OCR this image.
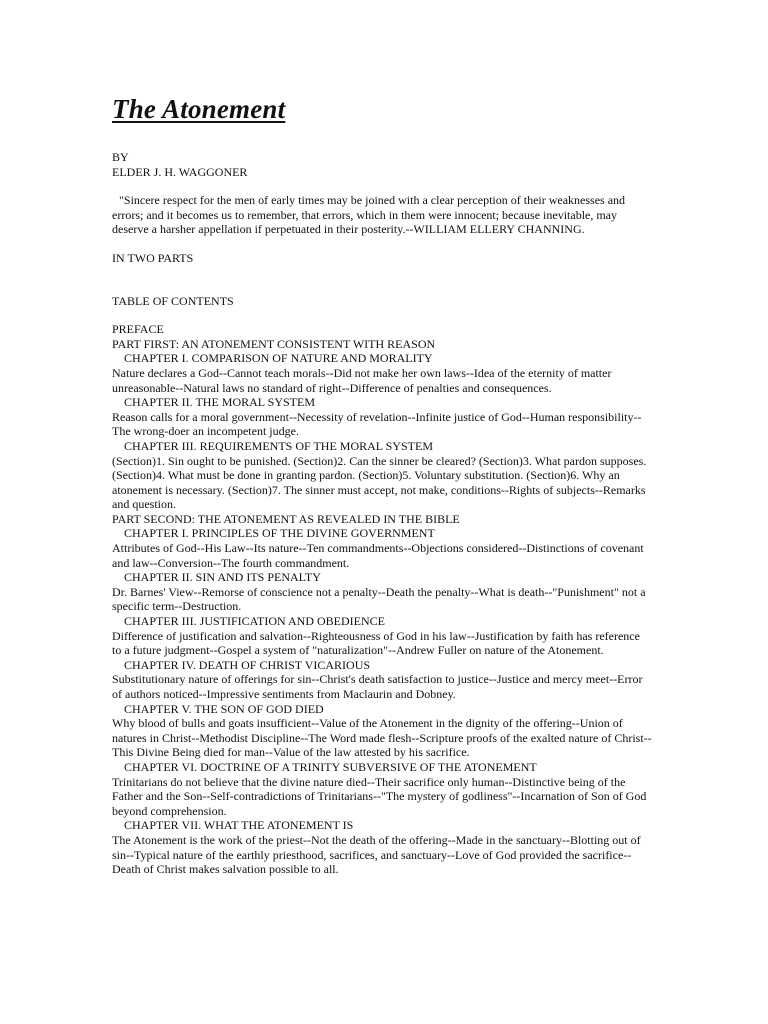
The Atonement
BY
ELDER J. H. WAGGONER

"Sincere respect for the men of early times may be joined with a clear perception of their weaknesses and errors; and it becomes us to remember, that errors, which in them were innocent; because inevitable, may deserve a harsher appellation if perpetuated in their posterity.--WILLIAM ELLERY CHANNING.

IN TWO PARTS
TABLE OF CONTENTS
PREFACE
PART FIRST: AN ATONEMENT CONSISTENT WITH REASON
CHAPTER I. COMPARISON OF NATURE AND MORALITY

Nature declares a God--Cannot teach morals--Did not make her own laws--Idea of the eternity of matter unreasonable--Natural laws no standard of right--Difference of penalties and consequences.

CHAPTER II. THE MORAL SYSTEM

Reason calls for a moral government--Necessity of revelation--Infinite justice of God--Human responsibility--The wrong-doer an incompetent judge.

CHAPTER III. REQUIREMENTS OF THE MORAL SYSTEM

(Section)1. Sin ought to be punished. (Section)2. Can the sinner be cleared? (Section)3. What pardon supposes. (Section)4. What must be done in granting pardon. (Section)5. Voluntary substitution. (Section)6. Why an atonement is necessary. (Section)7. The sinner must accept, not make, conditions--Rights of subjects--Remarks and question.

PART SECOND: THE ATONEMENT AS REVEALED IN THE BIBLE
CHAPTER I. PRINCIPLES OF THE DIVINE GOVERNMENT

Attributes of God--His Law--Its nature--Ten commandments--Objections considered--Distinctions of covenant and law--Conversion--The fourth commandment.

CHAPTER II. SIN AND ITS PENALTY

Dr. Barnes' View--Remorse of conscience not a penalty--Death the penalty--What is death--"Punishment" not a specific term--Destruction.

CHAPTER III. JUSTIFICATION AND OBEDIENCE

Difference of justification and salvation--Righteousness of God in his law--Justification by faith has reference to a future judgment--Gospel a system of "naturalization"--Andrew Fuller on nature of the Atonement.

CHAPTER IV. DEATH OF CHRIST VICARIOUS

Substitutionary nature of offerings for sin--Christ's death satisfaction to justice--Justice and mercy meet--Error of authors noticed--Impressive sentiments from Maclaurin and Dobney.

CHAPTER V. THE SON OF GOD DIED

Why blood of bulls and goats insufficient--Value of the Atonement in the dignity of the offering--Union of natures in Christ--Methodist Discipline--The Word made flesh--Scripture proofs of the exalted nature of Christ--This Divine Being died for man--Value of the law attested by his sacrifice.

CHAPTER VI. DOCTRINE OF A TRINITY SUBVERSIVE OF THE ATONEMENT

Trinitarians do not believe that the divine nature died--Their sacrifice only human--Distinctive being of the Father and the Son--Self-contradictions of Trinitarians--"The mystery of godliness"--Incarnation of Son of God beyond comprehension.

CHAPTER VII. WHAT THE ATONEMENT IS

The Atonement is the work of the priest--Not the death of the offering--Made in the sanctuary--Blotting out of sin--Typical nature of the earthly priesthood, sacrifices, and sanctuary--Love of God provided the sacrifice--Death of Christ makes salvation possible to all.
